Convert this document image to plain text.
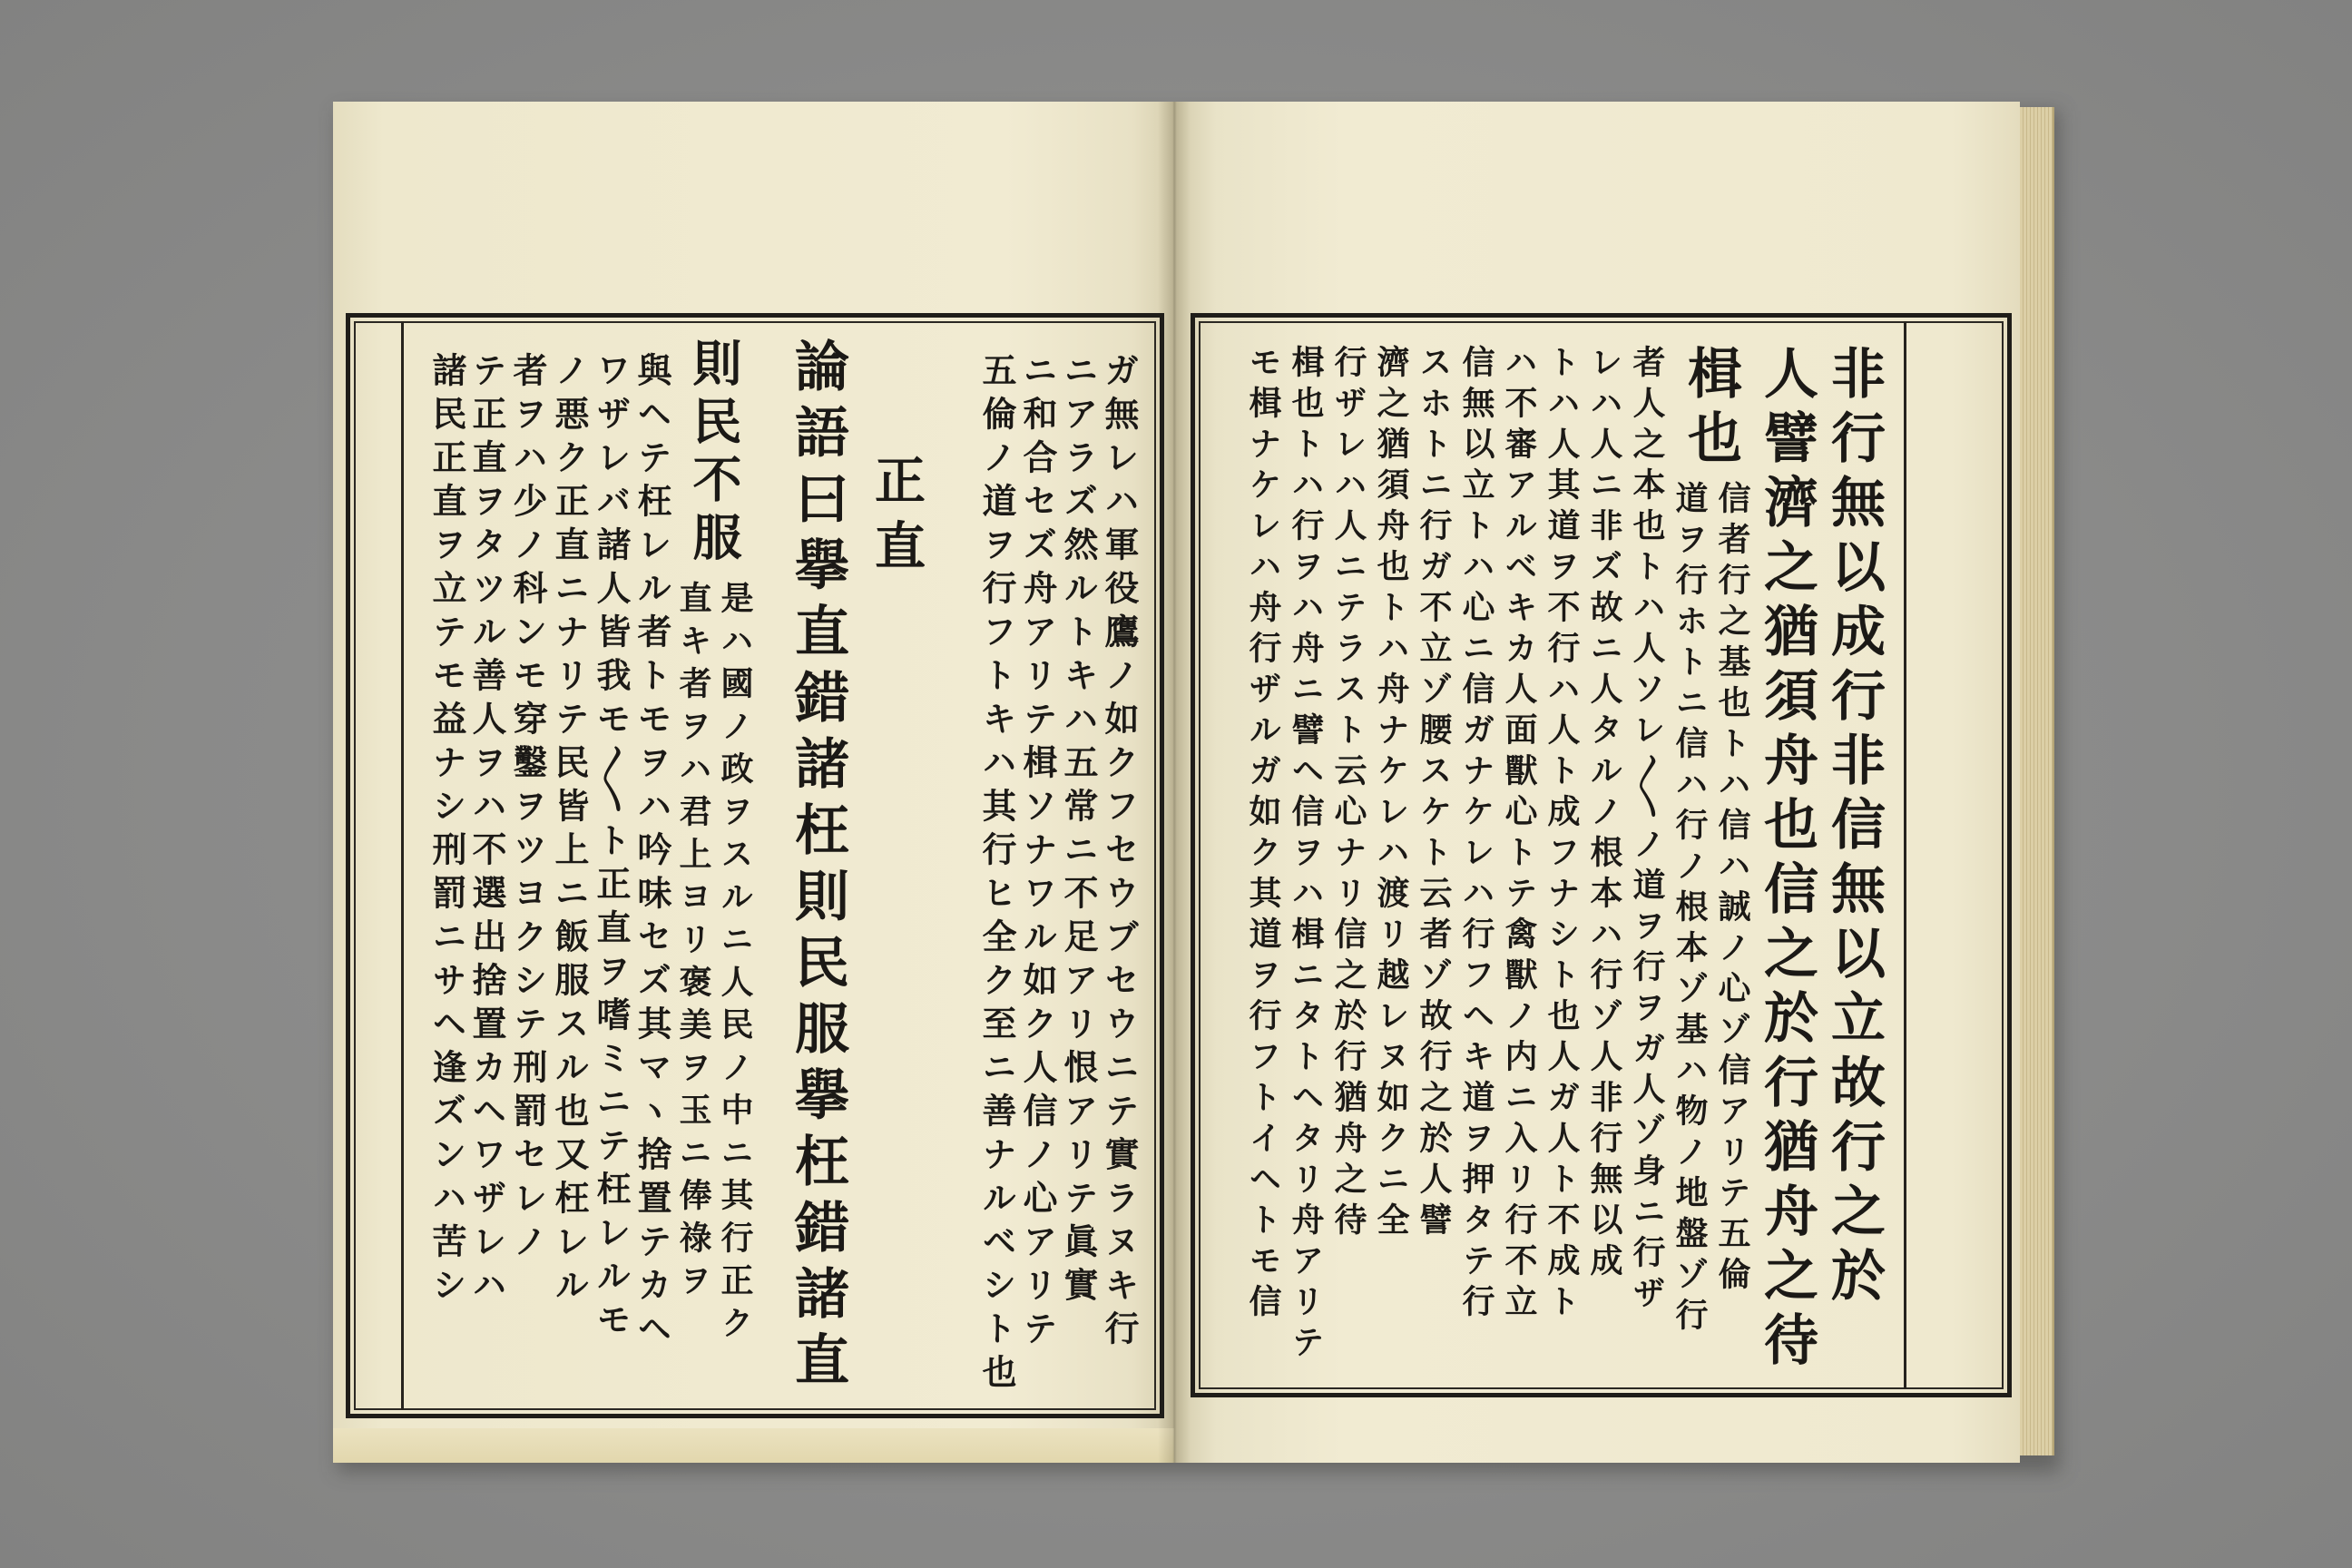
非行無以成行非信無以立故行之於
人譬濟之猶須舟也信之於行猶舟之待
楫也
信者行之基也トハ信ハ誠ノ心ゾ信アリテ五倫
道ヲ行ホトニ信ハ行ノ根本ゾ基ハ物ノ地盤ゾ行
者人之本也トハ人ソレ〳〵ノ道ヲ行ヲガ人ゾ身ニ行ザ
レハ人ニ非ズ故ニ人タルノ根本ハ行ゾ人非行無以成
トハ人其道ヲ不行ハ人ト成フナシト也人ガ人ト不成ト
ハ不審アルベキカ人面獸心トテ禽獸ノ内ニ入リ行不立
信無以立トハ心ニ信ガナケレハ行フヘキ道ヲ押タテ行
スホトニ行ガ不立ゾ腰スケト云者ゾ故行之於人譬
濟之猶須舟也トハ舟ナケレハ渡リ越レヌ如クニ全
行ザレハ人ニテラスト云心ナリ信之於行猶舟之待
楫也トハ行ヲハ舟ニ譬ヘ信ヲハ楫ニタトヘタリ舟アリテ
モ楫ナケレハ舟行ザルガ如ク其道ヲ行フトイヘトモ信
ガ無レハ軍役鷹ノ如クフセウブセウニテ實ラヌキ行
ニアラズ然ルトキハ五常ニ不足アリ恨アリテ眞實
ニ和合セズ舟アリテ楫ソナワル如ク人信ノ心アリテ
五倫ノ道ヲ行フトキハ其行ヒ全ク至ニ善ナルベシト也
正直
論語曰擧直錯諸枉則民服擧枉錯諸直
則民不服
是ハ國ノ政ヲスルニ人民ノ中ニ其行正ク
直キ者ヲハ君上ヨリ褒美ヲ玉ニ俸祿ヲ
與ヘテ枉レル者トモヲハ吟味セズ其マヽ捨置テカヘ
ワザレバ諸人皆我モ〳〵ト正直ヲ嗜ミニテ枉レルモ
ノ悪ク正直ニナリテ民皆上ニ飯服スル也又枉レル
者ヲハ少ノ科ンモ穿鑿ヲツヨクシテ刑罰セレノ
テ正直ヲタツル善人ヲハ不選出捨置カヘワザレハ
諸民正直ヲ立テモ益ナシ刑罰ニサヘ逢ズンハ苦シ
